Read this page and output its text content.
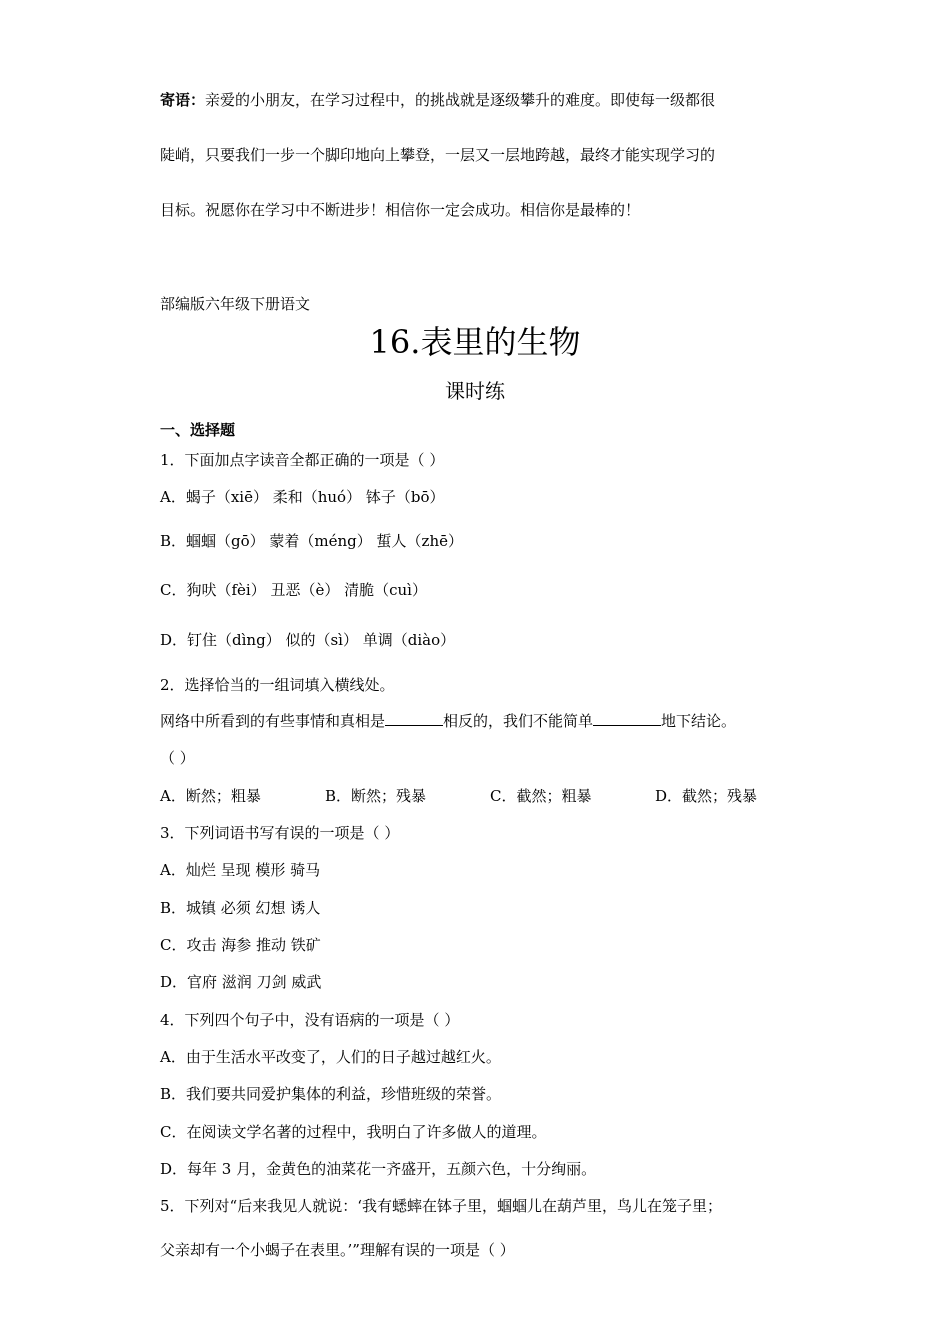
寄语：亲爱的小朋友，在学习过程中，的挑战就是逐级攀升的难度。即使每一级都很
陡峭，只要我们一步一个脚印地向上攀登，一层又一层地跨越，最终才能实现学习的
目标。祝愿你在学习中不断进步！相信你一定会成功。相信你是最棒的！
部编版六年级下册语文
16.表里的生物
课时练
一、选择题
1．下面加点字读音全都正确的一项是（ ）
A．蝎子（xiē） 柔和（huó） 钵子（bō）
B．蝈蝈（gō） 蒙着（méng） 蜇人（zhē）
C．狗吠（fèi） 丑恶（è） 清脆（cuì）
D．钉住（dìng） 似的（sì） 单调（diào）
2．选择恰当的一组词填入横线处。
网络中所看到的有些事情和真相是	相反的，我们不能简单	地下结论。
（ ）
A．断然；粗暴	B．断然；残暴	C．截然；粗暴	D．截然；残暴
3．下列词语书写有误的一项是（ ）
A．灿烂 呈现 模形 骑马
B．城镇 必须 幻想 诱人
C．攻击 海参 推动 铁矿
D．官府 滋润 刀剑 威武
4．下列四个句子中，没有语病的一项是（ ）
A．由于生活水平改变了，人们的日子越过越红火。
B．我们要共同爱护集体的利益，珍惜班级的荣誉。
C．在阅读文学名著的过程中，我明白了许多做人的道理。
D．每年 3 月，金黄色的油菜花一齐盛开，五颜六色，十分绚丽。
5．下列对“后来我见人就说：‘我有蟋蟀在钵子里，蝈蝈儿在葫芦里，鸟儿在笼子里；
父亲却有一个小蝎子在表里。’”理解有误的一项是（ ）
